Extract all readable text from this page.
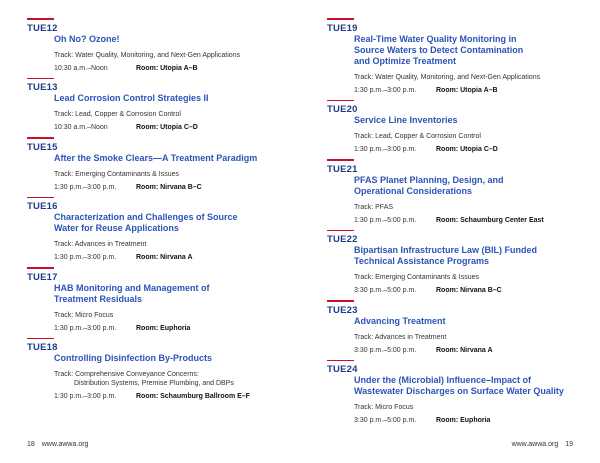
TUE12
Oh No? Ozone!
Track: Water Quality, Monitoring, and Next-Gen Applications
10:30 a.m.–Noon	Room: Utopia A–B
TUE13
Lead Corrosion Control Strategies II
Track: Lead, Copper & Corrosion Control
10:30 a.m.–Noon	Room: Utopia C–D
TUE15
After the Smoke Clears—A Treatment Paradigm
Track: Emerging Contaminants & Issues
1:30 p.m.–3:00 p.m.	Room: Nirvana B–C
TUE16
Characterization and Challenges of Source
Water for Reuse Applications
Track: Advances in Treatment
1:30 p.m.–3:00 p.m.	Room: Nirvana A
TUE17
HAB Monitoring and Management of
Treatment Residuals
Track: Micro Focus
1:30 p.m.–3:00 p.m.	Room: Euphoria
TUE18
Controlling Disinfection By-Products
Track: Comprehensive Conveyance Concerns:

Distribution Systems, Premise Plumbing, and DBPs
1:30 p.m.–3:00 p.m.	Room: Schaumburg Ballroom E–F
TUE19
Real-Time Water Quality Monitoring in
Source Waters to Detect Contamination
and Optimize Treatment
Track: Water Quality, Monitoring, and Next-Gen Applications
1:30 p.m.–3:00 p.m.	Room: Utopia A–B
TUE20
Service Line Inventories
Track: Lead, Copper & Corrosion Control
1:30 p.m.–3:00 p.m.	Room: Utopia C–D
TUE21
PFAS Planet Planning, Design, and
Operational Considerations
Track: PFAS
1:30 p.m.–5:00 p.m.	Room: Schaumburg Center East
TUE22
Bipartisan Infrastructure Law (BIL) Funded
Technical Assistance Programs
Track: Emerging Contaminants & Issues
3:30 p.m.–5:00 p.m.	Room: Nirvana B–C
TUE23
Advancing Treatment
Track: Advances in Treatment
3:30 p.m.–5:00 p.m.	Room: Nirvana A
TUE24
Under the (Microbial) Influence–Impact of
Wastewater Discharges on Surface Water Quality
Track: Micro Focus
3:30 p.m.–5:00 p.m.	Room: Euphoria
18 www.awwa.org	www.awwa.org 19
